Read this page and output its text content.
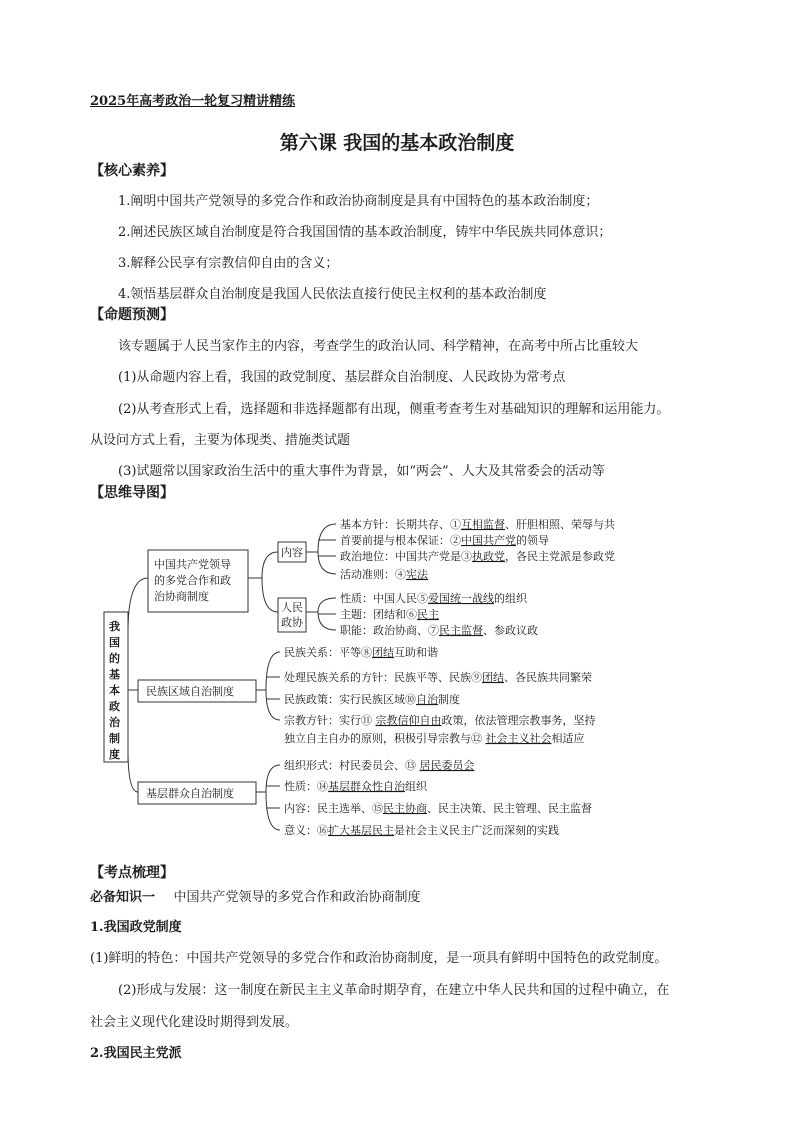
2025年高考政治一轮复习精讲精练
第六课 我国的基本政治制度
【核心素养】
1.阐明中国共产党领导的多党合作和政治协商制度是具有中国特色的基本政治制度；
2.阐述民族区域自治制度是符合我国国情的基本政治制度，铸牢中华民族共同体意识；
3.解释公民享有宗教信仰自由的含义；
4.领悟基层群众自治制度是我国人民依法直接行使民主权利的基本政治制度
【命题预测】
该专题属于人民当家作主的内容，考查学生的政治认同、科学精神，在高考中所占比重较大
(1)从命题内容上看，我国的政党制度、基层群众自治制度、人民政协为常考点
(2)从考查形式上看，选择题和非选择题都有出现，侧重考查考生对基础知识的理解和运用能力。
从设问方式上看，主要为体现类、措施类试题
(3)试题常以国家政治生活中的重大事件为背景，如“两会”、人大及其常委会的活动等
【思维导图】
我
国
的
基
本
政
治
制
度
中国共产党领导
的多党合作和政
治协商制度
内容
人民
政协
基本方针：长期共存、①互相监督、肝胆相照、荣辱与共
首要前提与根本保证：②中国共产党的领导
政治地位：中国共产党是③执政党，各民主党派是参政党
活动准则：④宪法
性质：中国人民⑤爱国统一战线的组织
主题：团结和⑥民主
职能：政治协商、⑦民主监督、参政议政
民族区域自治制度
民族关系：平等⑧团结互助和谐
处理民族关系的方针：民族平等、民族⑨团结、各民族共同繁荣
民族政策：实行民族区域⑩自治制度
宗教方针：实行⑪ 宗教信仰自由政策，依法管理宗教事务，坚持
独立自主自办的原则，积极引导宗教与⑫ 社会主义社会相适应
基层群众自治制度
组织形式：村民委员会、⑬ 居民委员会
性质：⑭基层群众性自治组织
内容：民主选举、⑮民主协商、民主决策、民主管理、民主监督
意义：⑯扩大基层民主是社会主义民主广泛而深刻的实践
【考点梳理】
必备知识一 中国共产党领导的多党合作和政治协商制度
1.我国政党制度
(1)鲜明的特色：中国共产党领导的多党合作和政治协商制度，是一项具有鲜明中国特色的政党制度。
(2)形成与发展：这一制度在新民主主义革命时期孕育，在建立中华人民共和国的过程中确立，在
社会主义现代化建设时期得到发展。
2.我国民主党派
